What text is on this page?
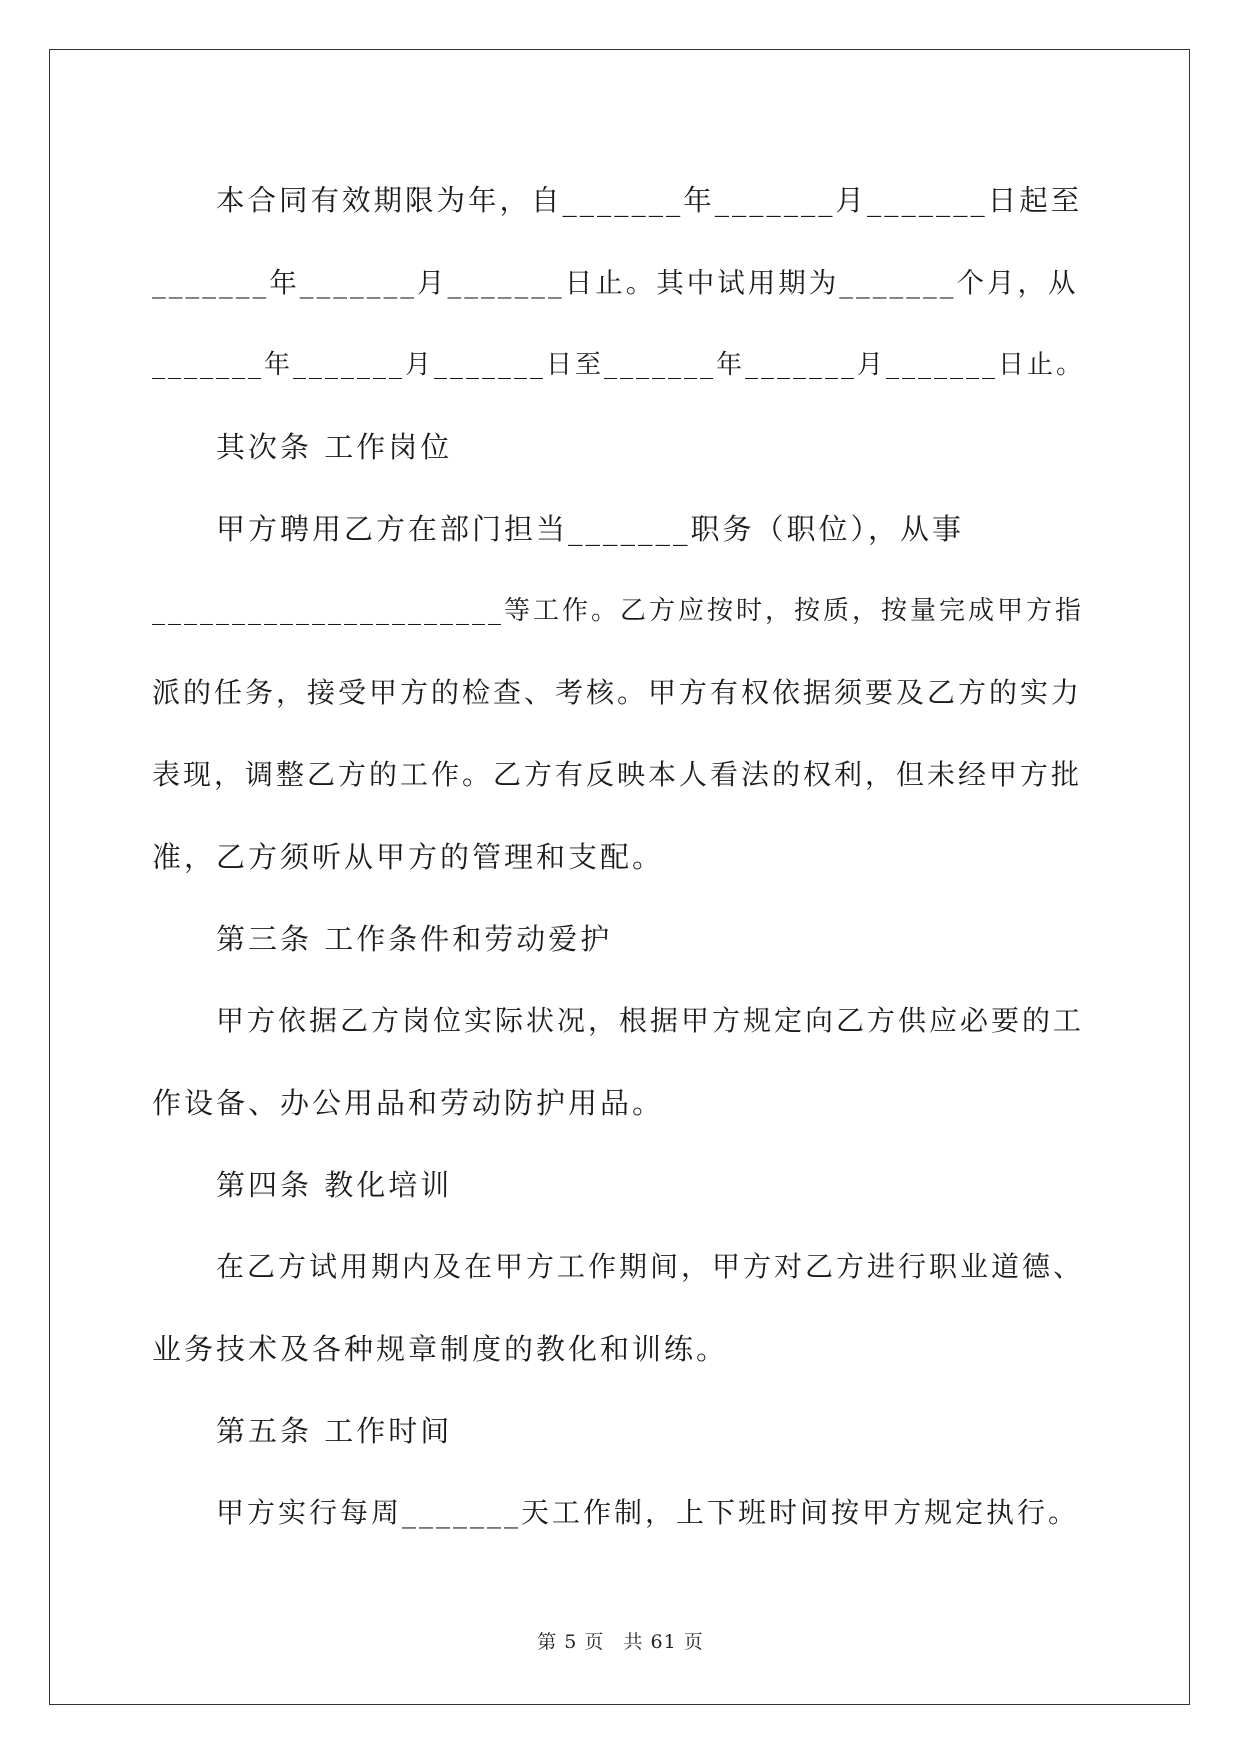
本合同有效期限为年，自_______年_______月_______日起至
_______年_______月_______日止。其中试用期为_______个月，从
_______年_______月_______日至_______年_______月_______日止。
其次条 工作岗位
甲方聘用乙方在部门担当_______职务（职位），从事
______________________等工作。乙方应按时，按质，按量完成甲方指
派的任务，接受甲方的检查、考核。甲方有权依据须要及乙方的实力
表现，调整乙方的工作。乙方有反映本人看法的权利，但未经甲方批
准，乙方须听从甲方的管理和支配。
第三条 工作条件和劳动爱护
甲方依据乙方岗位实际状况，根据甲方规定向乙方供应必要的工
作设备、办公用品和劳动防护用品。
第四条 教化培训
在乙方试用期内及在甲方工作期间，甲方对乙方进行职业道德、
业务技术及各种规章制度的教化和训练。
第五条 工作时间
甲方实行每周_______天工作制，上下班时间按甲方规定执行。
第 5 页 共 61 页
